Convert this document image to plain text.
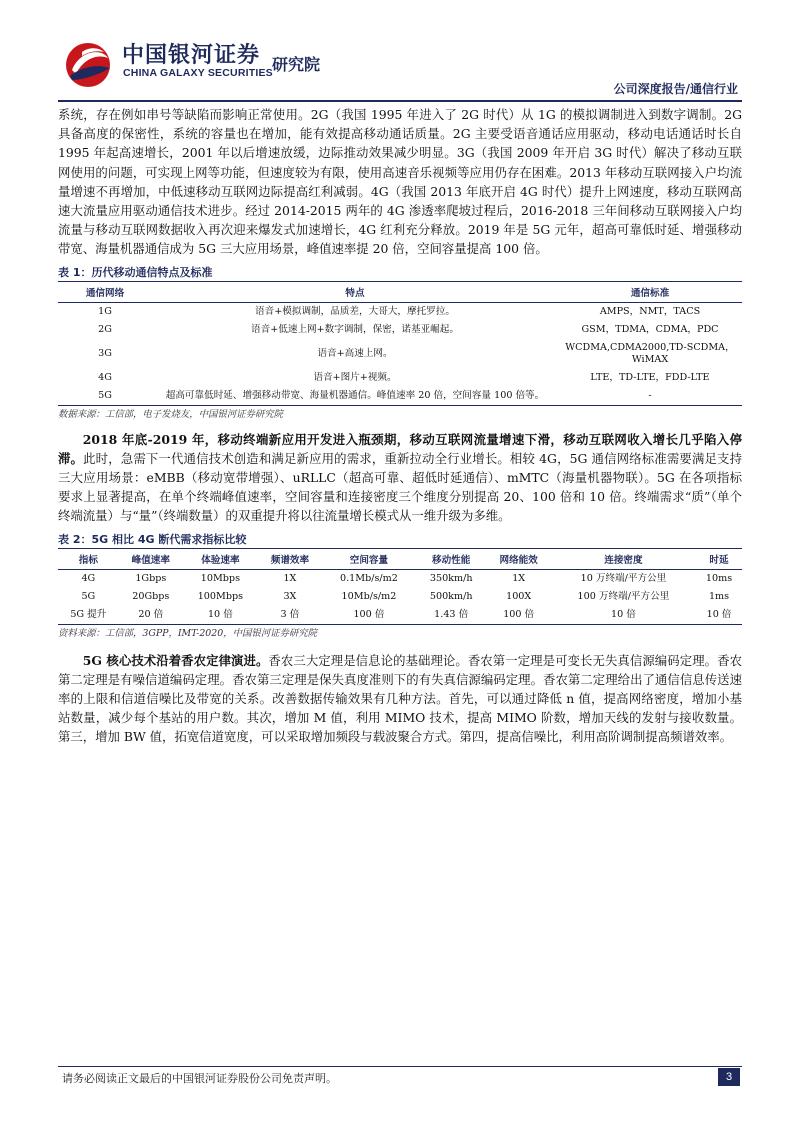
中国银河证券
CHINA GALAXY SECURITIES 研究院
公司深度报告/通信行业

系统，存在例如串号等缺陷而影响正常使用。2G（我国 1995 年进入了 2G 时代）从 1G 的模拟调制进入到数字调制。2G 具备高度的保密性，系统的容量也在增加，能有效提高移动通话质量。2G 主要受语音通话应用驱动，移动电话通话时长自 1995 年起高速增长，2001 年以后增速放缓，边际推动效果减少明显。3G（我国 2009 年开启 3G 时代）解决了移动互联网使用的问题，可实现上网等功能，但速度较为有限，使用高速音乐视频等应用仍存在困难。2013 年移动互联网接入户均流量增速不再增加，中低速移动互联网边际提高红利减弱。4G（我国 2013 年底开启 4G 时代）提升上网速度，移动互联网高速大流量应用驱动通信技术进步。经过 2014-2015 两年的 4G 渗透率爬坡过程后，2016-2018 三年间移动互联网接入户均流量与移动互联网数据收入再次迎来爆发式加速增长，4G 红利充分释放。2019 年是 5G 元年，超高可靠低时延、增强移动带宽、海量机器通信成为 5G 三大应用场景，峰值速率提 20 倍，空间容量提高 100 倍。

表 1：历代移动通信特点及标准
通信网络	特点	通信标准
1G	语音+模拟调制，品质差，大哥大，摩托罗拉。	AMPS，NMT，TACS
2G	语音+低速上网+数字调制，保密，诺基亚崛起。	GSM，TDMA，CDMA，PDC
3G	语音+高速上网。	WCDMA,CDMA2000,TD-SCDMA，WiMAX
4G	语音+图片+视频。	LTE，TD-LTE，FDD-LTE
5G	超高可靠低时延、增强移动带宽、海量机器通信。峰值速率 20 倍，空间容量 100 倍等。	-
数据来源：工信部，电子发烧友，中国银河证券研究院

2018 年底-2019 年，移动终端新应用开发进入瓶颈期，移动互联网流量增速下滑，移动互联网收入增长几乎陷入停滞。此时，急需下一代通信技术创造和满足新应用的需求，重新拉动全行业增长。相较 4G，5G 通信网络标准需要满足支持三大应用场景：eMBB（移动宽带增强）、uRLLC（超高可靠、超低时延通信）、mMTC（海量机器物联）。5G 在各项指标要求上显著提高，在单个终端峰值速率，空间容量和连接密度三个维度分别提高 20、100 倍和 10 倍。终端需求“质”（单个终端流量）与“量”（终端数量）的双重提升将以往流量增长模式从一维升级为多维。

表 2：5G 相比 4G 断代需求指标比较
指标	峰值速率	体验速率	频谱效率	空间容量	移动性能	网络能效	连接密度	时延
4G	1Gbps	10Mbps	1X	0.1Mb/s/m2	350km/h	1X	10 万终端/平方公里	10ms
5G	20Gbps	100Mbps	3X	10Mb/s/m2	500km/h	100X	100 万终端/平方公里	1ms
5G 提升	20 倍	10 倍	3 倍	100 倍	1.43 倍	100 倍	10 倍	10 倍
资料来源：工信部，3GPP，IMT-2020，中国银河证券研究院

5G 核心技术沿着香农定律演进。香农三大定理是信息论的基础理论。香农第一定理是可变长无失真信源编码定理。香农第二定理是有噪信道编码定理。香农第三定理是保失真度准则下的有失真信源编码定理。香农第二定理给出了通信信息传送速率的上限和信道信噪比及带宽的关系。改善数据传输效果有几种方法。首先，可以通过降低 n 值，提高网络密度，增加小基站数量，减少每个基站的用户数。其次，增加 M 值，利用 MIMO 技术，提高 MIMO 阶数，增加天线的发射与接收数量。第三，增加 BW 值，拓宽信道宽度，可以采取增加频段与载波聚合方式。第四，提高信噪比，利用高阶调制提高频谱效率。

请务必阅读正文最后的中国银河证券股份公司免责声明。	3
